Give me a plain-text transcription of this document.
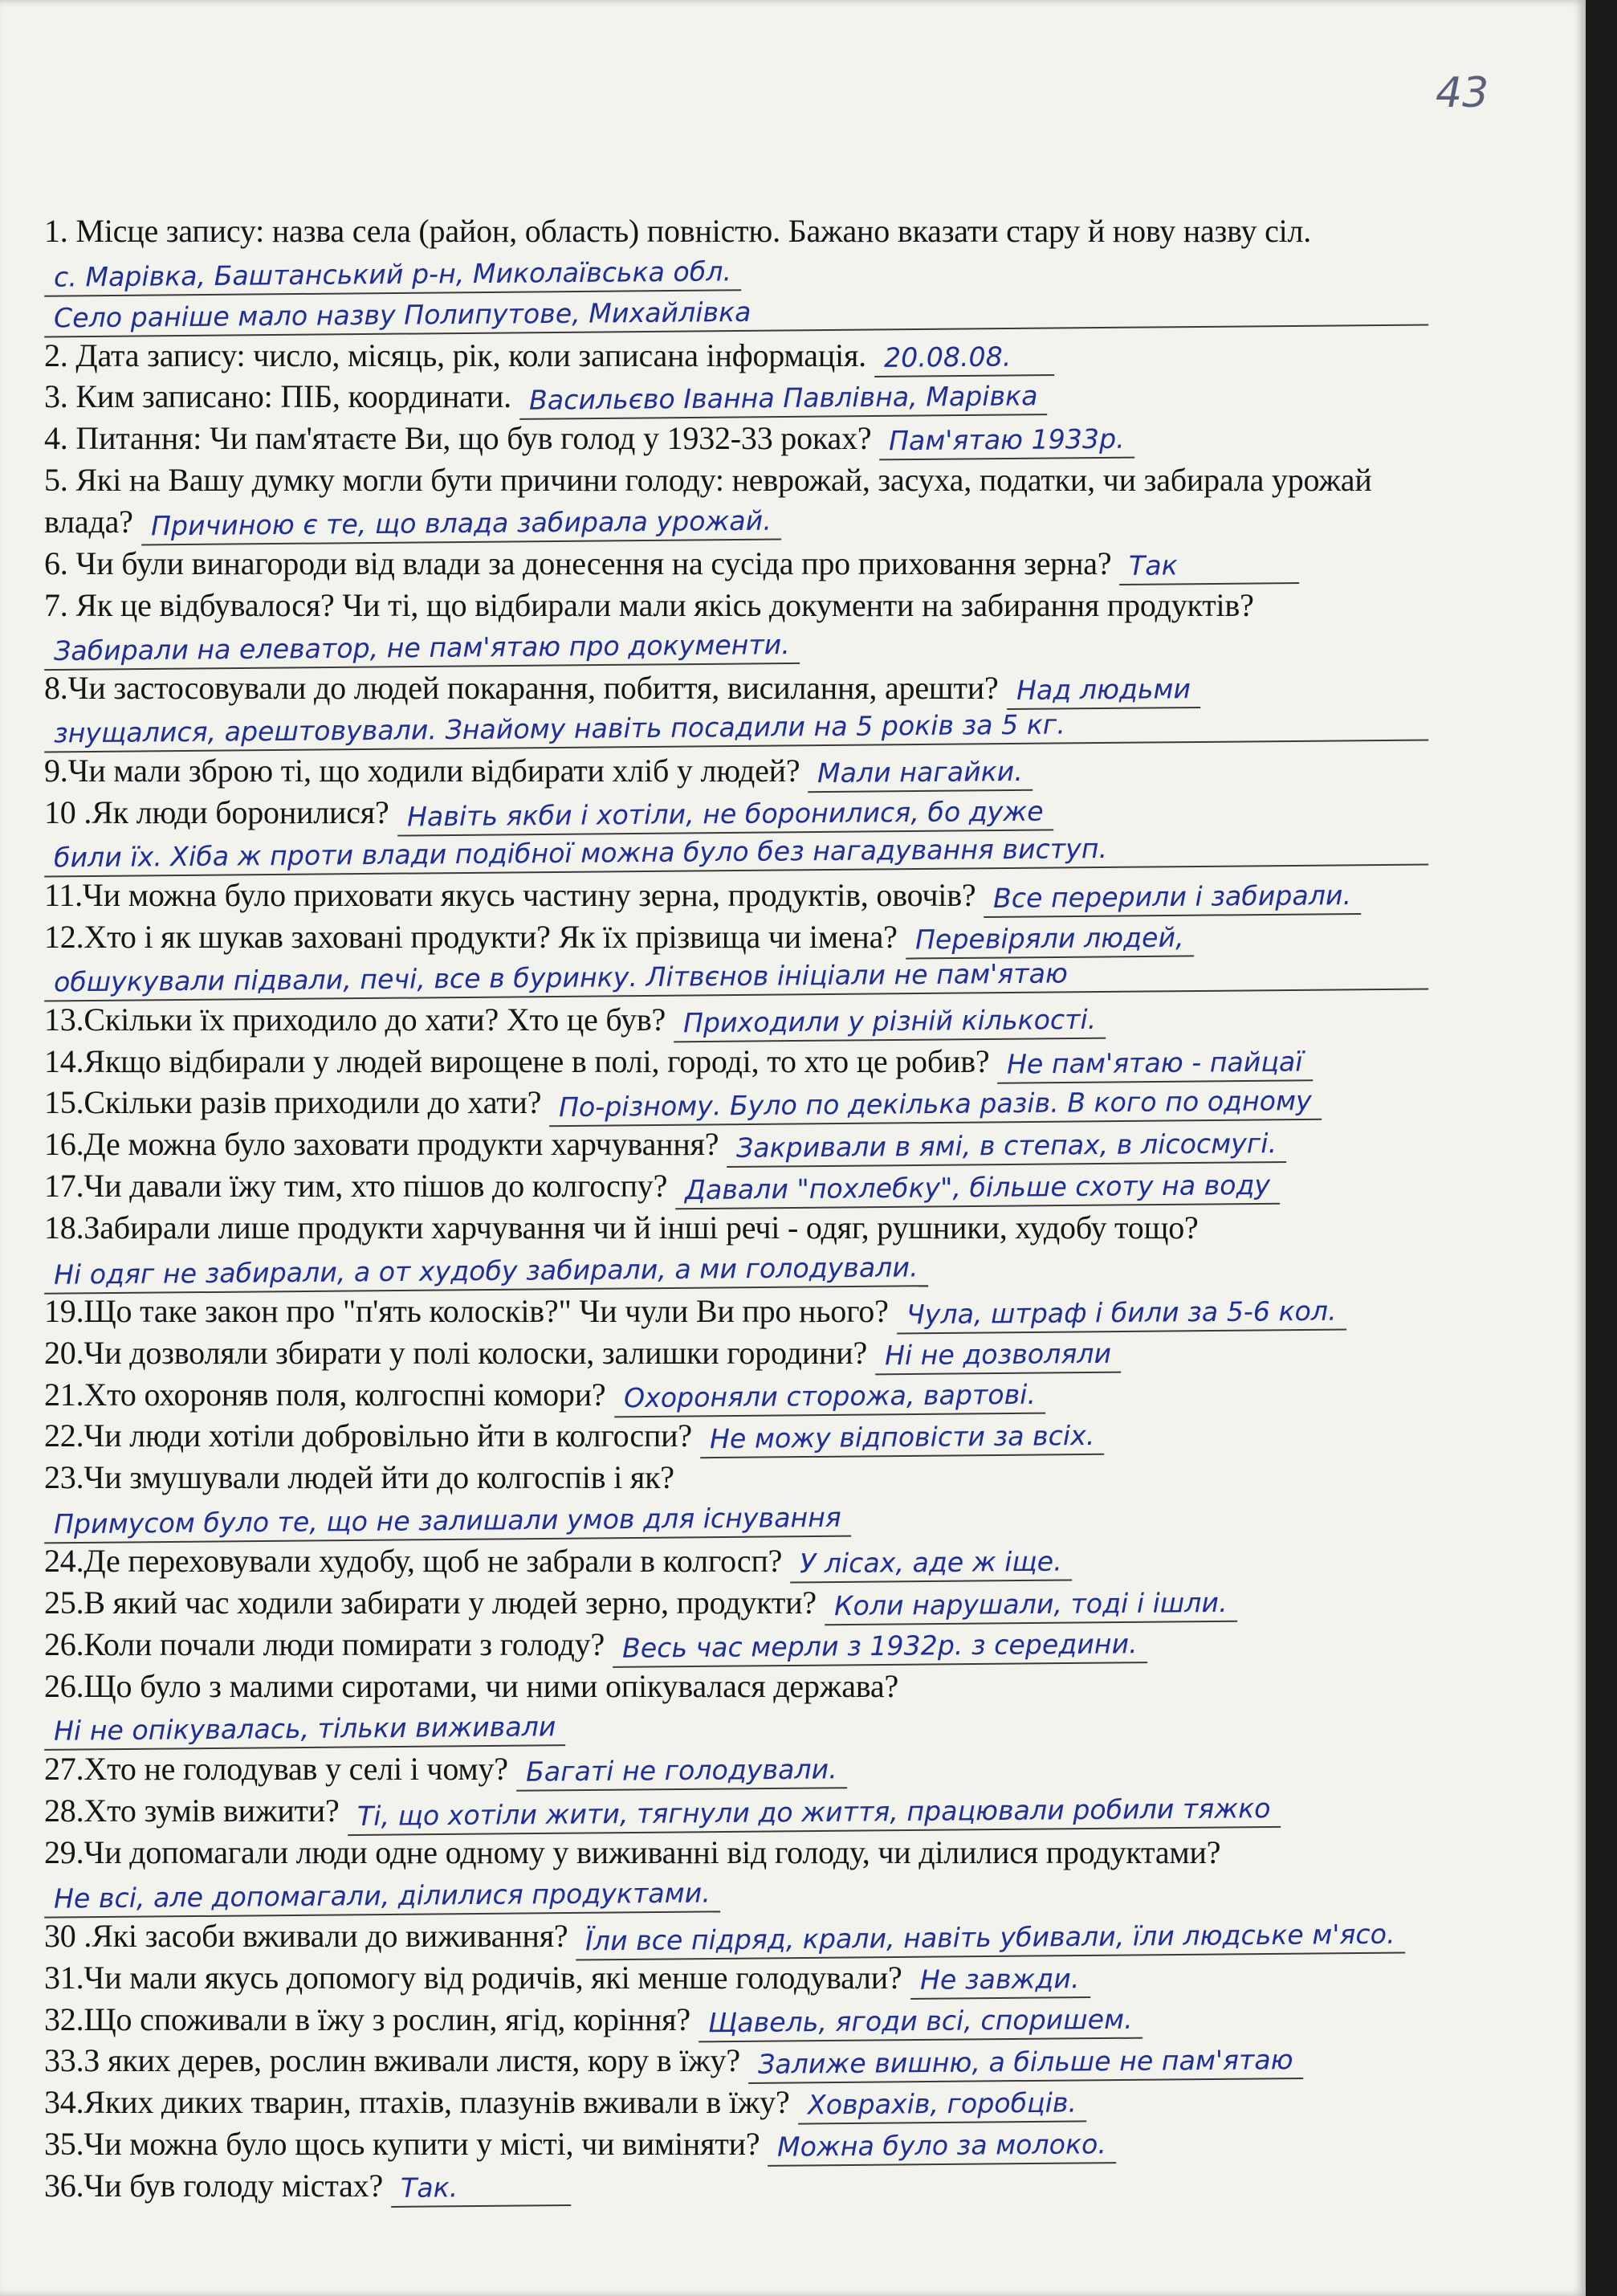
43
1. Місце запису: назва села (район, область) повністю. Бажано вказати стару й нову назву сіл. с. Марівка, Баштанський р-н, Миколаївська обл.
Село раніше мало назву Полипутове, Михайлівка
2. Дата запису: число, місяць, рік, коли записана інформація. 20.08.08.
3. Ким записано: ПІБ, координати. Васильєво Іванна Павлівна, Марівка
4. Питання: Чи пам'ятаєте Ви, що був голод у 1932-33 роках? Пам'ятаю 1933р.
5. Які на Вашу думку могли бути причини голоду: неврожай, засуха, податки, чи забирала урожай влада? Причиною є те, що влада забирала урожай.
6. Чи були винагороди від влади за донесення на сусіда про приховання зерна? Так
7. Як це відбувалося? Чи ті, що відбирали мали якісь документи на забирання продуктів? Забирали на елеватор, не пам'ятаю про документи.
8.Чи застосовували до людей покарання, побиття, висилання, арешти? Над людьми
знущалися, арештовували. Знайому навіть посадили на 5 років за 5 кг.
9.Чи мали зброю ті, що ходили відбирати хліб у людей? Мали нагайки.
10 .Як люди боронилися? Навіть якби і хотіли, не боронилися, бо дуже
били їх. Хіба ж проти влади подібної можна було без нагадування виступ.
11.Чи можна було приховати якусь частину зерна, продуктів, овочів? Все перерили і забирали.
12.Хто і як шукав заховані продукти? Як їх прізвища чи імена? Перевіряли людей,
обшукували підвали, печі, все в буринку. Літвєнов ініціали не пам'ятаю
13.Скільки їх приходило до хати? Хто це був? Приходили у різній кількості.
14.Якщо відбирали у людей вирощене в полі, городі, то хто це робив? Не пам'ятаю - пайцаї
15.Скільки разів приходили до хати? По-різному. Було по декілька разів. В кого по одному
16.Де можна було заховати продукти харчування? Закривали в ямі, в степах, в лісосмугі.
17.Чи давали їжу тим, хто пішов до колгоспу? Давали "похлебку", більше схоту на воду
18.Забирали лише продукти харчування чи й інші речі - одяг, рушники, худобу тощо? Ні одяг не забирали, а от худобу забирали, а ми голодували.
19.Що таке закон про "п'ять колосків?" Чи чули Ви про нього? Чула, штраф і били за 5-6 кол.
20.Чи дозволяли збирати у полі колоски, залишки городини? Ні не дозволяли
21.Хто охороняв поля, колгоспні комори? Охороняли сторожа, вартові.
22.Чи люди хотіли добровільно йти в колгоспи? Не можу відповісти за всіх.
23.Чи змушували людей йти до колгоспів і як? Примусом було те, що не залишали умов для існування
24.Де переховували худобу, щоб не забрали в колгосп? У лісах, аде ж іще.
25.В який час ходили забирати у людей зерно, продукти? Коли нарушали, тоді і ішли.
26.Коли почали люди помирати з голоду? Весь час мерли з 1932р. з середини.
26.Що було з малими сиротами, чи ними опікувалася держава? Ні не опікувалась, тільки виживали
27.Хто не голодував у селі і чому? Багаті не голодували.
28.Хто зумів вижити? Ті, що хотіли жити, тягнули до життя, працювали робили тяжко
29.Чи допомагали люди одне одному у виживанні від голоду, чи ділилися продуктами? Не всі, але допомагали, ділилися продуктами.
30 .Які засоби вживали до виживання? Їли все підряд, крали, навіть убивали, їли людське м'ясо.
31.Чи мали якусь допомогу від родичів, які менше голодували? Не завжди.
32.Що споживали в їжу з рослин, ягід, коріння? Щавель, ягоди всі, споришем.
33.З яких дерев, рослин вживали листя, кору в їжу? Залиже вишню, а більше не пам'ятаю
34.Яких диких тварин, птахів, плазунів вживали в їжу? Ховрахів, горобців.
35.Чи можна було щось купити у місті, чи виміняти? Можна було за молоко.
36.Чи був голоду містах? Так.
